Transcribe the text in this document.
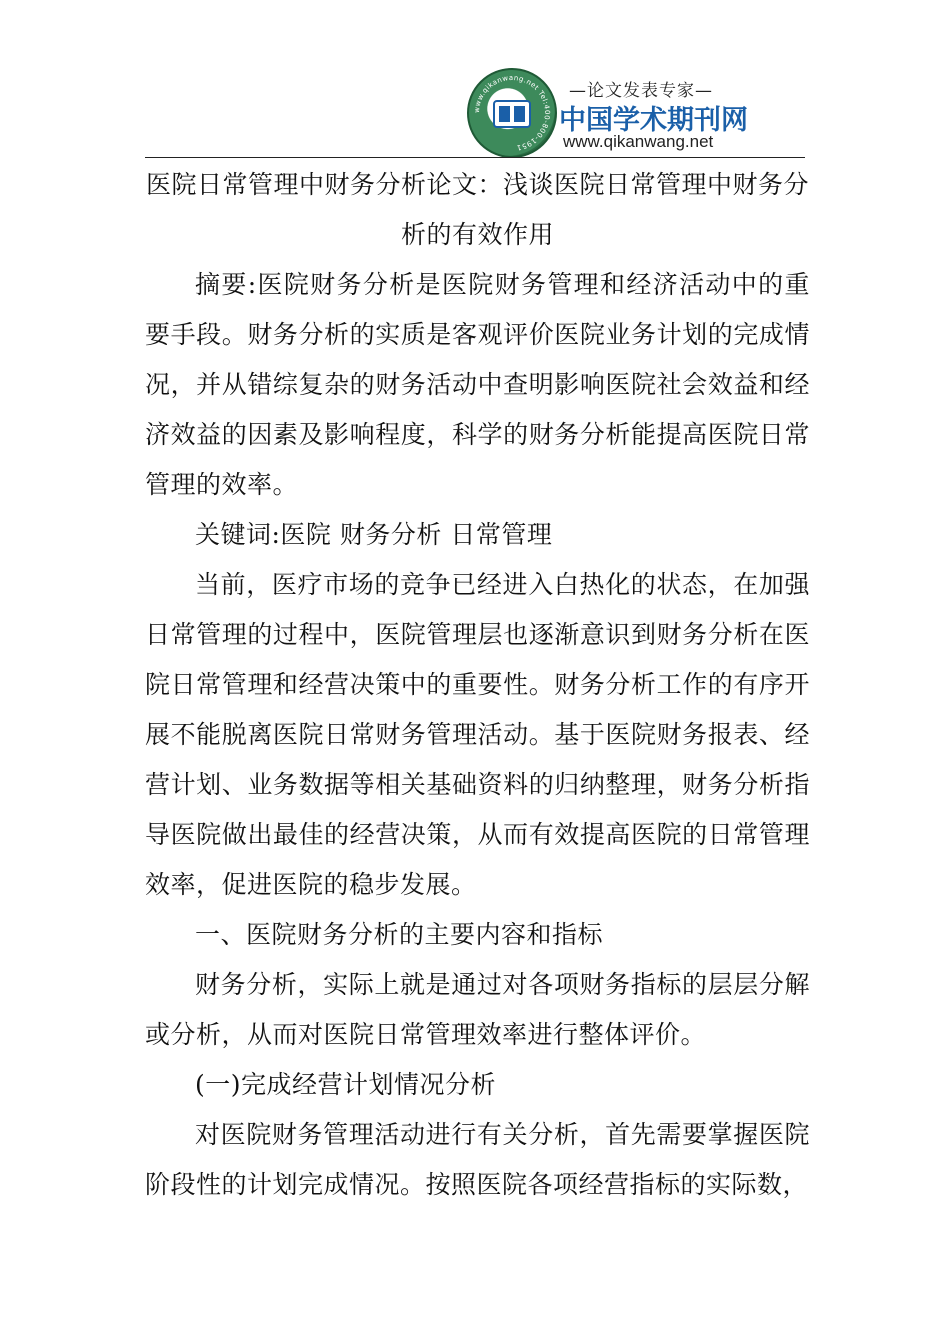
www.qikanwang.net Tel:400-800-1951
—论文发表专家—
中国学术期刊网
www.qikanwang.net
医院日常管理中财务分析论文：浅谈医院日常管理中财务分析的有效作用

摘要:医院财务分析是医院财务管理和经济活动中的重要手段。财务分析的实质是客观评价医院业务计划的完成情况，并从错综复杂的财务活动中查明影响医院社会效益和经济效益的因素及影响程度，科学的财务分析能提高医院日常管理的效率。

关键词:医院 财务分析 日常管理

当前，医疗市场的竞争已经进入白热化的状态，在加强日常管理的过程中，医院管理层也逐渐意识到财务分析在医院日常管理和经营决策中的重要性。财务分析工作的有序开展不能脱离医院日常财务管理活动。基于医院财务报表、经营计划、业务数据等相关基础资料的归纳整理，财务分析指导医院做出最佳的经营决策，从而有效提高医院的日常管理效率，促进医院的稳步发展。

一、医院财务分析的主要内容和指标

财务分析，实际上就是通过对各项财务指标的层层分解或分析，从而对医院日常管理效率进行整体评价。

(一)完成经营计划情况分析

对医院财务管理活动进行有关分析，首先需要掌握医院阶段性的计划完成情况。按照医院各项经营指标的实际数，
